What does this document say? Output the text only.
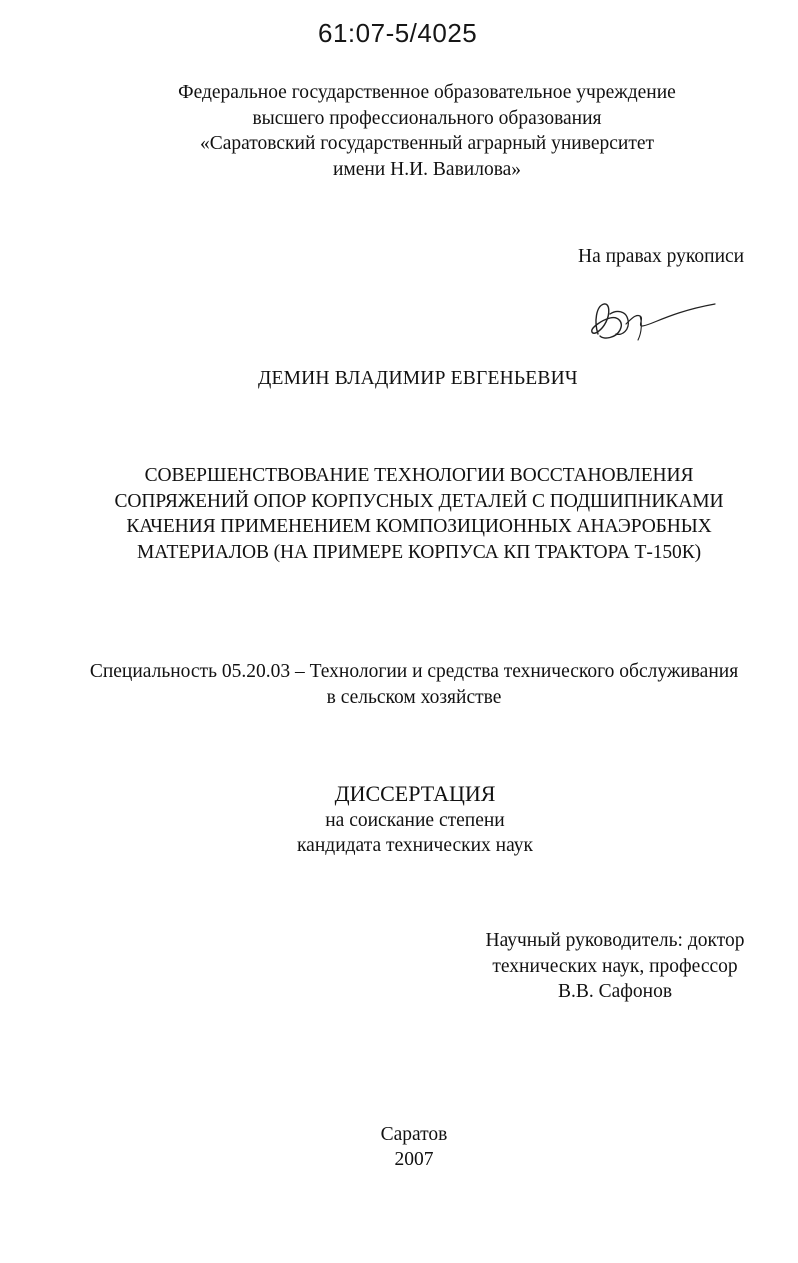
61:07-5/4025
Федеральное государственное образовательное учреждение
высшего профессионального образования
«Саратовский государственный аграрный университет
имени Н.И. Вавилова»
На правах рукописи
ДЕМИН ВЛАДИМИР ЕВГЕНЬЕВИЧ
СОВЕРШЕНСТВОВАНИЕ ТЕХНОЛОГИИ ВОССТАНОВЛЕНИЯ
СОПРЯЖЕНИЙ ОПОР КОРПУСНЫХ ДЕТАЛЕЙ С ПОДШИПНИКАМИ
КАЧЕНИЯ ПРИМЕНЕНИЕМ КОМПОЗИЦИОННЫХ АНАЭРОБНЫХ
МАТЕРИАЛОВ (НА ПРИМЕРЕ КОРПУСА КП ТРАКТОРА Т-150К)
Специальность 05.20.03 – Технологии и средства технического обслуживания
в сельском хозяйстве
ДИССЕРТАЦИЯ
на соискание степени
кандидата технических наук
Научный руководитель: доктор
технических наук, профессор
В.В. Сафонов
Саратов
2007
